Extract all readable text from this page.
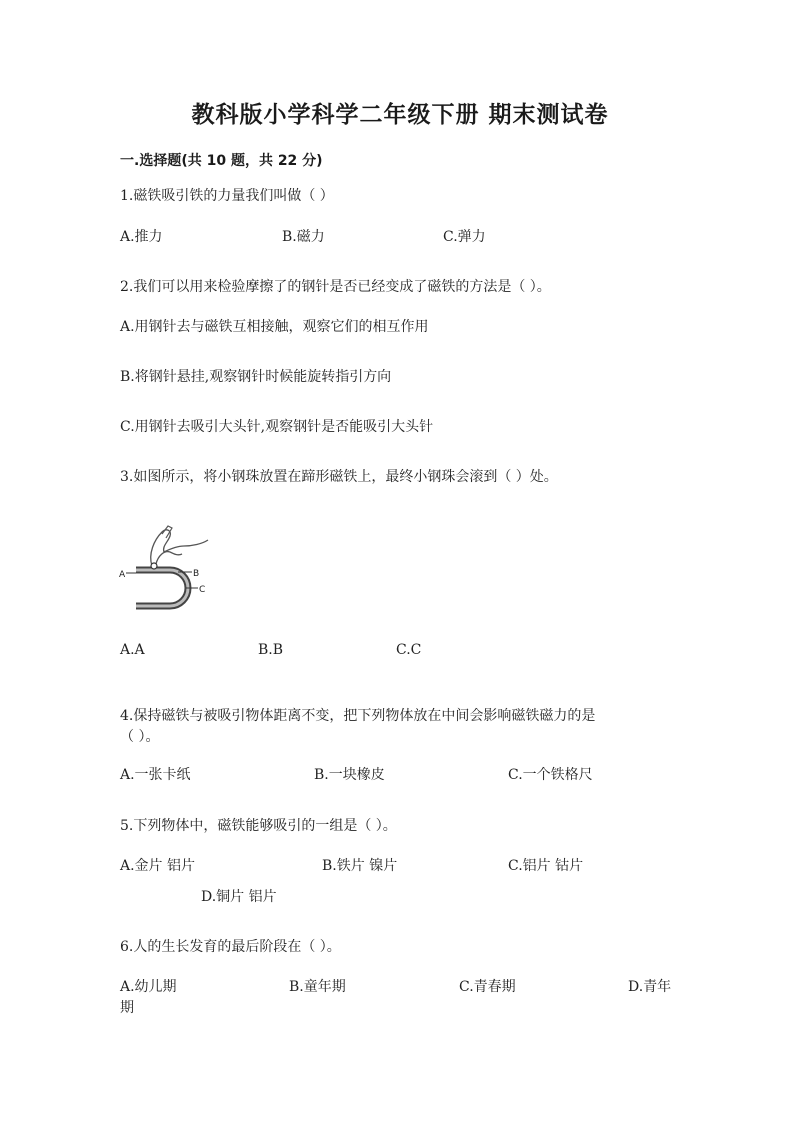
教科版小学科学二年级下册 期末测试卷
一.选择题(共 10 题，共 22 分)
1.磁铁吸引铁的力量我们叫做（ ）
A.推力	B.磁力	C.弹力
2.我们可以用来检验摩擦了的钢针是否已经变成了磁铁的方法是（ ）。
A.用钢针去与磁铁互相接触，观察它们的相互作用
B.将钢针悬挂,观察钢针时候能旋转指引方向
C.用钢针去吸引大头针,观察钢针是否能吸引大头针
3.如图所示，将小钢珠放置在蹄形磁铁上，最终小钢珠会滚到（ ）处。
A	B
C
A.A	B.B	C.C
4.保持磁铁与被吸引物体距离不变，把下列物体放在中间会影响磁铁磁力的是
（ ）。
A.一张卡纸	B.一块橡皮	C.一个铁格尺
5.下列物体中，磁铁能够吸引的一组是（ ）。
A.金片 铝片	B.铁片 镍片	C.铝片 钴片
D.铜片 铝片
6.人的生长发育的最后阶段在（ ）。
A.幼儿期	B.童年期	C.青春期	D.青年
期
